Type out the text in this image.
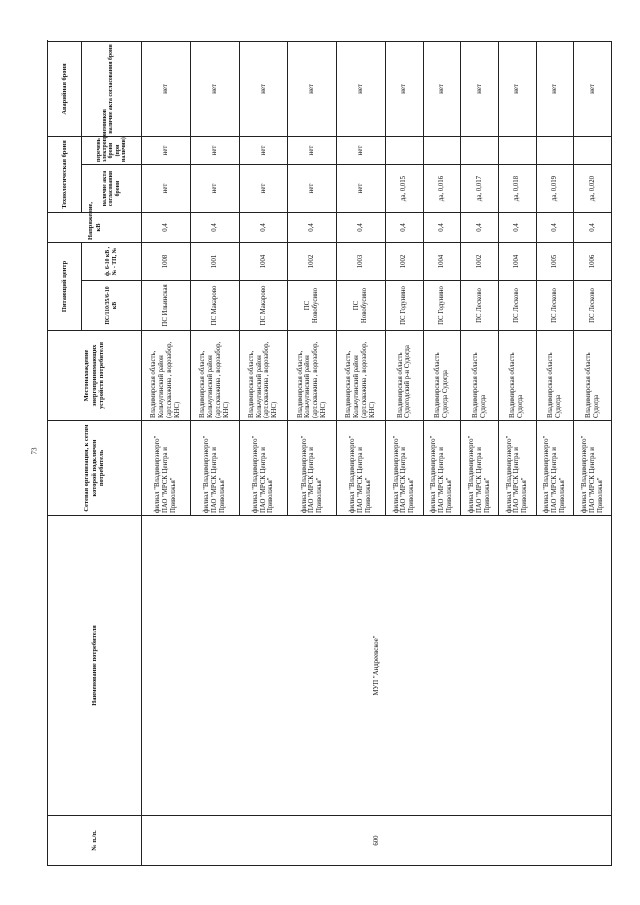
73
№ п./п.	Наименование потребителя	Сетевая организация, к сетям которой подключен потребитель	Местонахождение энергопринимающих устройств потребителя	Питающий центр		Напряжение, кВ	Технологическая броня		Аварийная броня	
				ПС/110/35/6-10 кВ	ф. 6-10 кВ , № - ТП, №		наличие акта согласования брони	перечень электроприемников брони (при наличии)	наличие акта согласования брони	
600	МУП "Андреевское"	филиал "Владимирэнерго" ПАО "МРСК Центра и Приволжья"	Владимирская область, Кольчугинский район (арт.скважина , водозабор, КНС)	ПС Ильинская	1008	0,4	нет	нет	нет	
		филиал "Владимирэнерго" ПАО "МРСК Центра и Приволжья"	Владимирская область, Кольчугинский район (арт.скважина , водозабор, КНС)	ПС Макарово	1001	0,4	нет	нет	нет	
		филиал "Владимирэнерго" ПАО "МРСК Центра и Приволжья"	Владимирская область, Кольчугинский район (арт.скважина , водозабор, КНС)	ПС Макарово	1004	0,4	нет	нет	нет	
		филиал "Владимирэнерго" ПАО "МРСК Центра и Приволжья"	Владимирская область, Кольчугинский район (арт.скважина , водозабор, КНС)	ПС Новобусино	1002	0,4	нет	нет	нет	
		филиал "Владимирэнерго" ПАО "МРСК Центра и Приволжья"	Владимирская область, Кольчугинский район (арт.скважина , водозабор, КНС)	ПС Новобусино	1003	0,4	нет	нет	нет	
		филиал "Владимирэнерго" ПАО "МРСК Центра и Приволжья"	Владимирская область Судогодский р-н Судогда	ПС Годунино	1002	0,4	да, 0,015		нет	
		филиал "Владимирэнерго" ПАО "МРСК Центра и Приволжья"	Владимирская область Судогда Судогда	ПС Годунино	1004	0,4	да, 0,016		нет	
		филиал "Владимирэнерго" ПАО "МРСК Центра и Приволжья"	Владимирская область Судогда	ПС Лесково	1002	0,4	да, 0,017		нет	
		филиал "Владимирэнерго" ПАО "МРСК Центра и Приволжья"	Владимирская область Судогда	ПС Лесково	1004	0,4	да, 0,018		нет	
		филиал "Владимирэнерго" ПАО "МРСК Центра и Приволжья"	Владимирская область Судогда	ПС Лесково	1005	0,4	да, 0,019		нет	
		филиал "Владимирэнерго" ПАО "МРСК Центра и Приволжья"	Владимирская область Судогда	ПС Лесково	1006	0,4	да, 0,020		нет	
